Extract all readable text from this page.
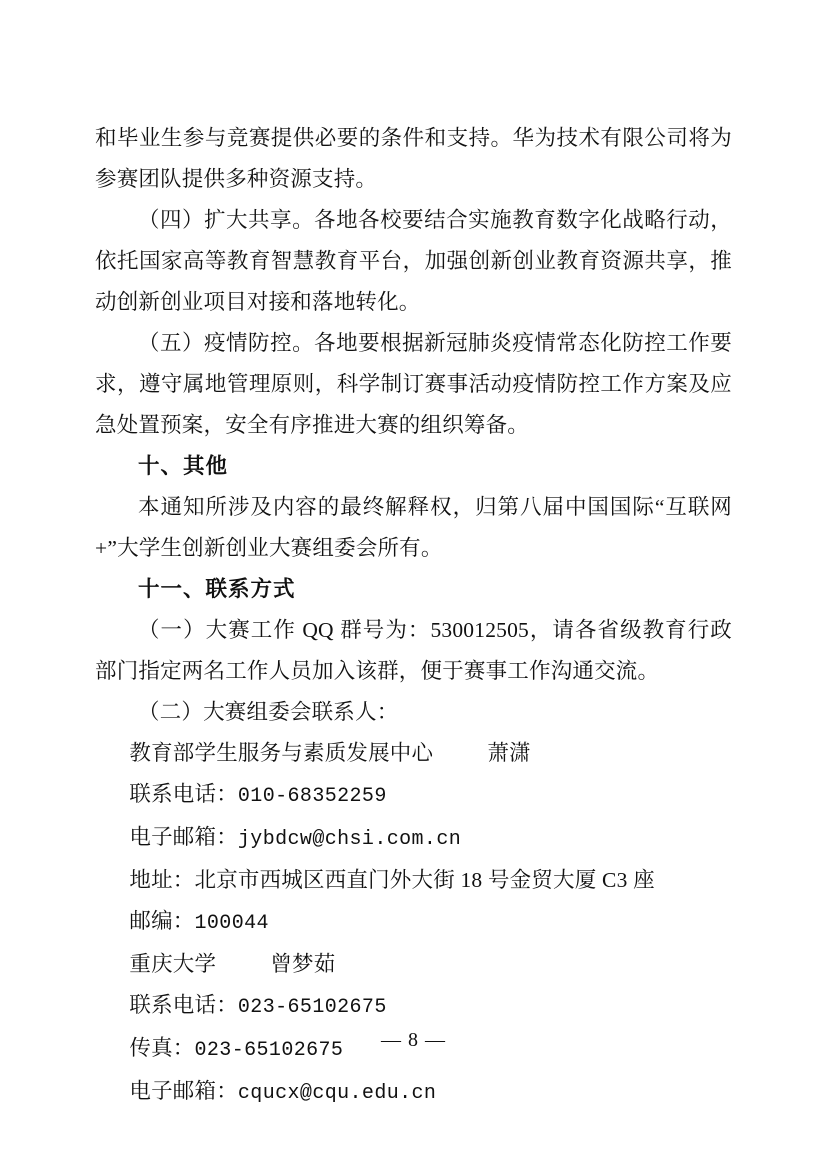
和毕业生参与竞赛提供必要的条件和支持。华为技术有限公司将为参赛团队提供多种资源支持。

（四）扩大共享。各地各校要结合实施教育数字化战略行动，依托国家高等教育智慧教育平台，加强创新创业教育资源共享，推动创新创业项目对接和落地转化。

（五）疫情防控。各地要根据新冠肺炎疫情常态化防控工作要求，遵守属地管理原则，科学制订赛事活动疫情防控工作方案及应急处置预案，安全有序推进大赛的组织筹备。

十、其他

本通知所涉及内容的最终解释权，归第八届中国国际“互联网+”大学生创新创业大赛组委会所有。

十一、联系方式

（一）大赛工作 QQ 群号为：530012505，请各省级教育行政部门指定两名工作人员加入该群，便于赛事工作沟通交流。

（二）大赛组委会联系人：

教育部学生服务与素质发展中心	萧潇

联系电话：010-68352259

电子邮箱：jybdcw@chsi.com.cn

地址：北京市西城区西直门外大街 18 号金贸大厦 C3 座

邮编：100044

重庆大学	曾梦茹

联系电话：023-65102675

传真：023-65102675

电子邮箱：cqucx@cqu.edu.cn

— 8 —
